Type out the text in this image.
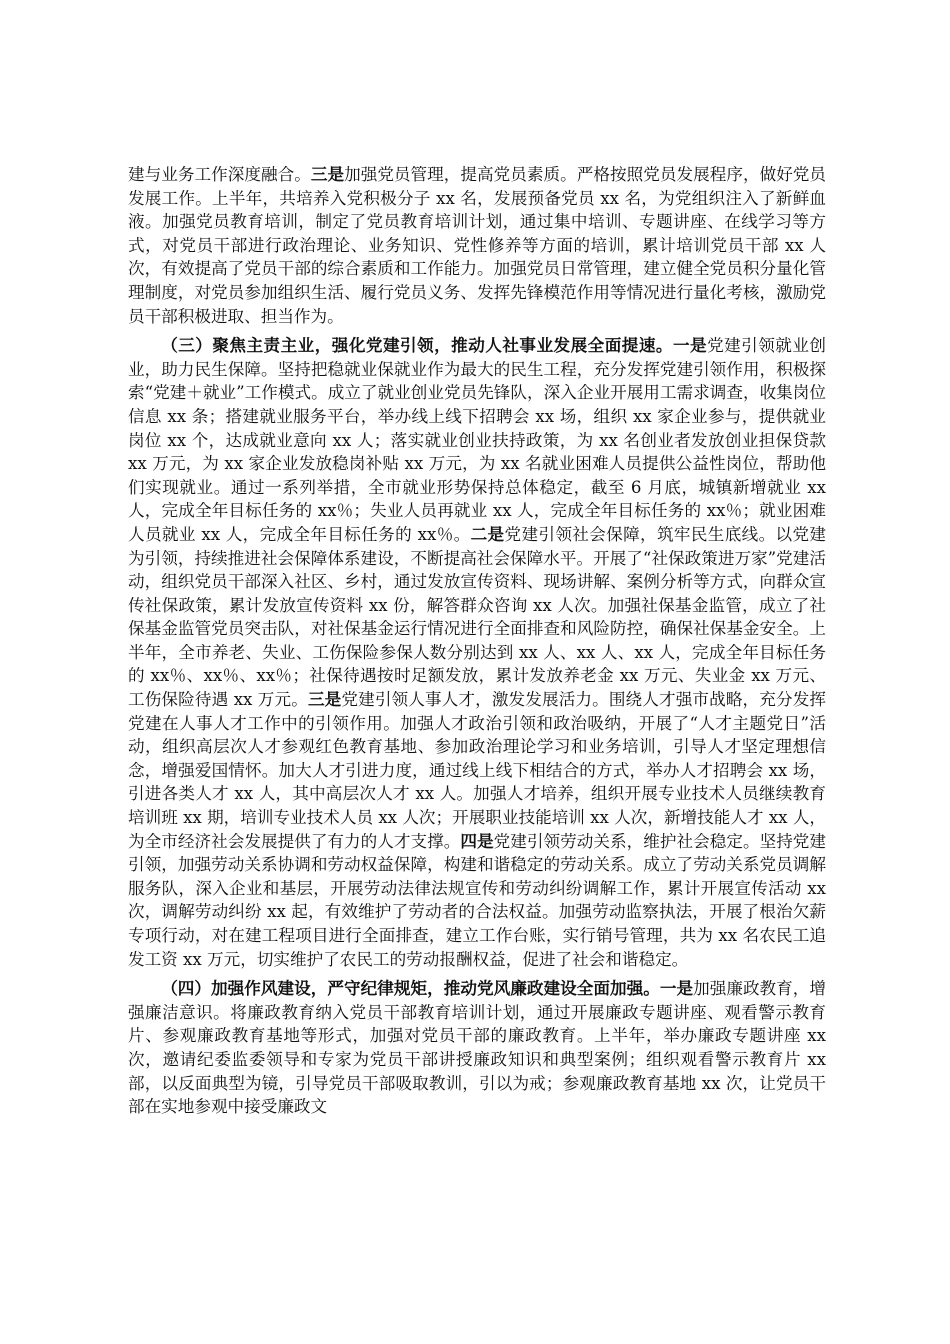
建与业务工作深度融合。三是加强党员管理，提高党员素质。严格按照党员发展程序，做好党员发展工作。上半年，共培养入党积极分子 xx 名，发展预备党员 xx 名，为党组织注入了新鲜血液。加强党员教育培训，制定了党员教育培训计划，通过集中培训、专题讲座、在线学习等方式，对党员干部进行政治理论、业务知识、党性修养等方面的培训，累计培训党员干部 xx 人次，有效提高了党员干部的综合素质和工作能力。加强党员日常管理，建立健全党员积分量化管理制度，对党员参加组织生活、履行党员义务、发挥先锋模范作用等情况进行量化考核，激励党员干部积极进取、担当作为。

（三）聚焦主责主业，强化党建引领，推动人社事业发展全面提速。一是党建引领就业创业，助力民生保障。坚持把稳就业保就业作为最大的民生工程，充分发挥党建引领作用，积极探索“党建＋就业”工作模式。成立了就业创业党员先锋队，深入企业开展用工需求调查，收集岗位信息 xx 条；搭建就业服务平台，举办线上线下招聘会 xx 场，组织 xx 家企业参与，提供就业岗位 xx 个，达成就业意向 xx 人；落实就业创业扶持政策，为 xx 名创业者发放创业担保贷款 xx 万元，为 xx 家企业发放稳岗补贴 xx 万元，为 xx 名就业困难人员提供公益性岗位，帮助他们实现就业。通过一系列举措，全市就业形势保持总体稳定，截至 6 月底，城镇新增就业 xx 人，完成全年目标任务的 xx％；失业人员再就业 xx 人，完成全年目标任务的 xx％；就业困难人员就业 xx 人，完成全年目标任务的 xx％。二是党建引领社会保障，筑牢民生底线。以党建为引领，持续推进社会保障体系建设，不断提高社会保障水平。开展了“社保政策进万家”党建活动，组织党员干部深入社区、乡村，通过发放宣传资料、现场讲解、案例分析等方式，向群众宣传社保政策，累计发放宣传资料 xx 份，解答群众咨询 xx 人次。加强社保基金监管，成立了社保基金监管党员突击队，对社保基金运行情况进行全面排查和风险防控，确保社保基金安全。上半年，全市养老、失业、工伤保险参保人数分别达到 xx 人、xx 人、xx 人，完成全年目标任务的 xx％、xx％、xx％；社保待遇按时足额发放，累计发放养老金 xx 万元、失业金 xx 万元、工伤保险待遇 xx 万元。三是党建引领人事人才，激发发展活力。围绕人才强市战略，充分发挥党建在人事人才工作中的引领作用。加强人才政治引领和政治吸纳，开展了“人才主题党日”活动，组织高层次人才参观红色教育基地、参加政治理论学习和业务培训，引导人才坚定理想信念，增强爱国情怀。加大人才引进力度，通过线上线下相结合的方式，举办人才招聘会 xx 场，引进各类人才 xx 人，其中高层次人才 xx 人。加强人才培养，组织开展专业技术人员继续教育培训班 xx 期，培训专业技术人员 xx 人次；开展职业技能培训 xx 人次，新增技能人才 xx 人，为全市经济社会发展提供了有力的人才支撑。四是党建引领劳动关系，维护社会稳定。坚持党建引领，加强劳动关系协调和劳动权益保障，构建和谐稳定的劳动关系。成立了劳动关系党员调解服务队，深入企业和基层，开展劳动法律法规宣传和劳动纠纷调解工作，累计开展宣传活动 xx 次，调解劳动纠纷 xx 起，有效维护了劳动者的合法权益。加强劳动监察执法，开展了根治欠薪专项行动，对在建工程项目进行全面排查，建立工作台账，实行销号管理，共为 xx 名农民工追发工资 xx 万元，切实维护了农民工的劳动报酬权益，促进了社会和谐稳定。

（四）加强作风建设，严守纪律规矩，推动党风廉政建设全面加强。一是加强廉政教育，增强廉洁意识。将廉政教育纳入党员干部教育培训计划，通过开展廉政专题讲座、观看警示教育片、参观廉政教育基地等形式，加强对党员干部的廉政教育。上半年，举办廉政专题讲座 xx 次，邀请纪委监委领导和专家为党员干部讲授廉政知识和典型案例；组织观看警示教育片 xx 部，以反面典型为镜，引导党员干部吸取教训，引以为戒；参观廉政教育基地 xx 次，让党员干部在实地参观中接受廉政文
